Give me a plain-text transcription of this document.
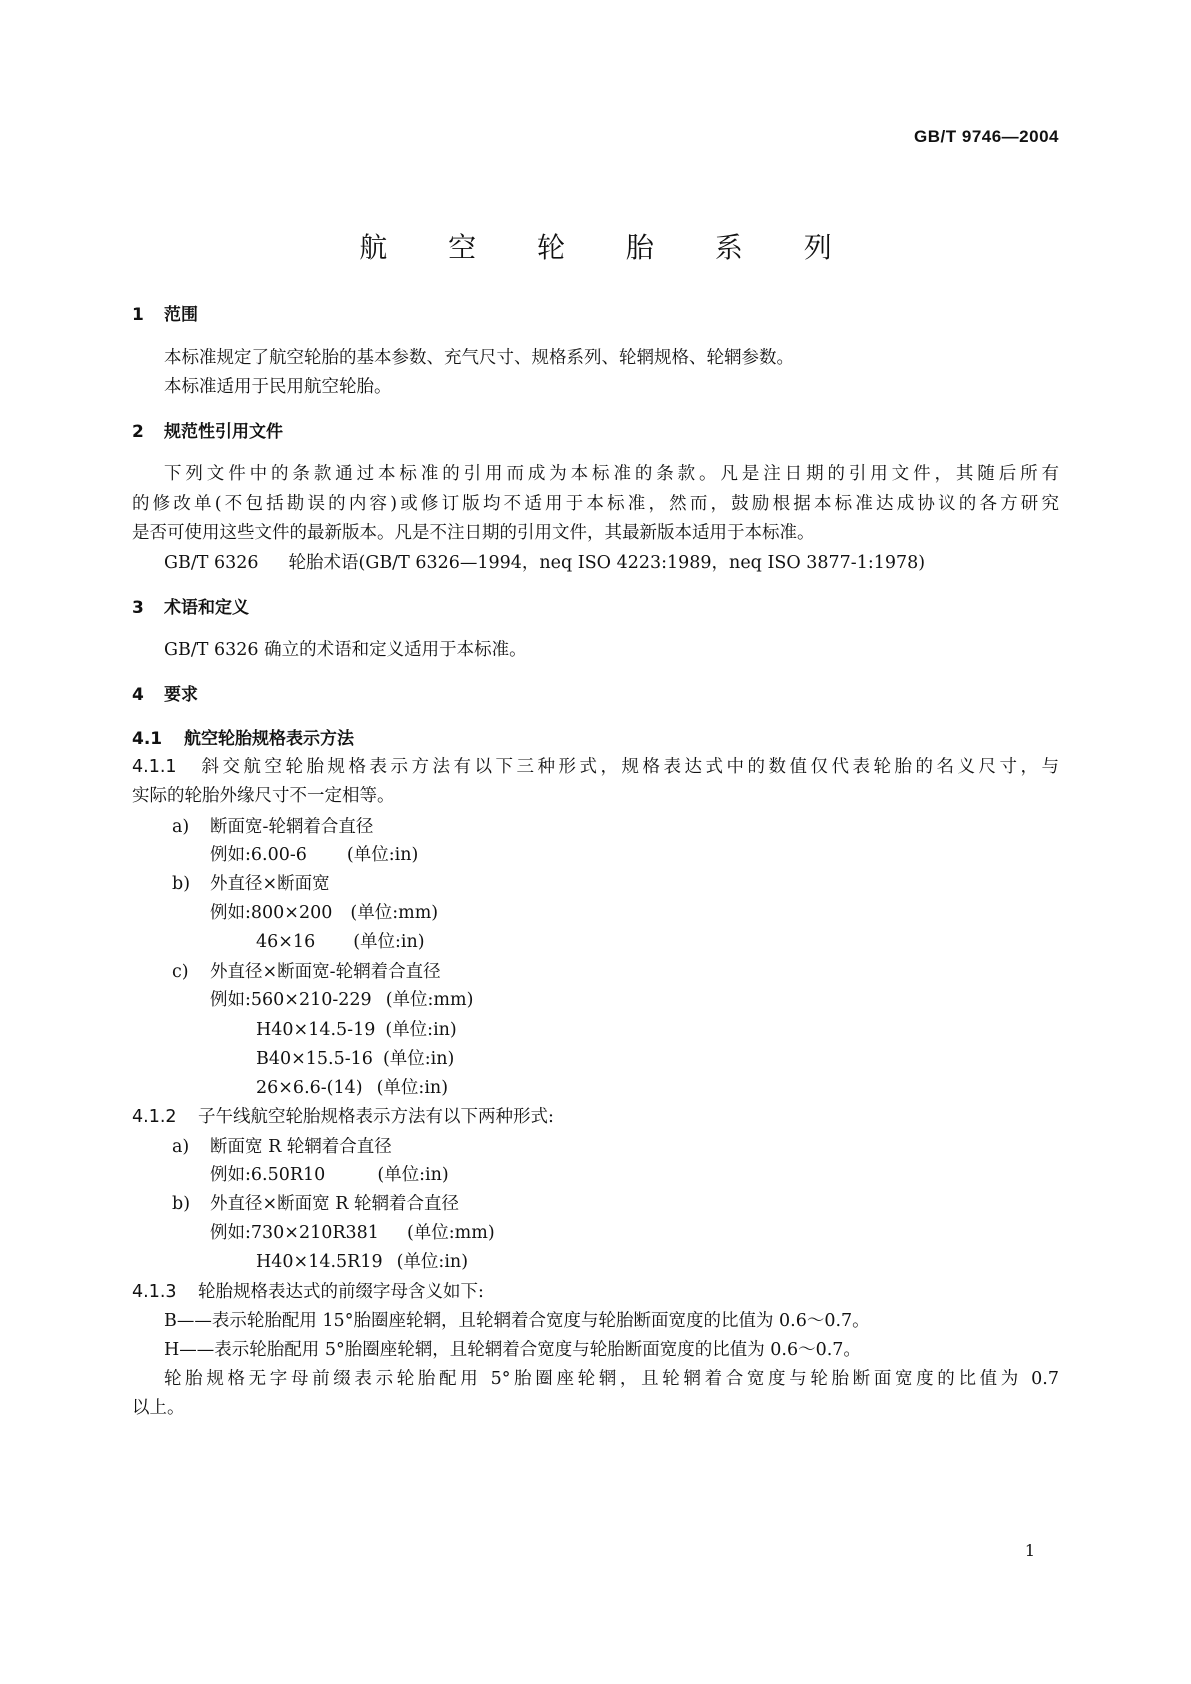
GB/T 9746—2004
航 空 轮 胎 系 列
1 范围
本标准规定了航空轮胎的基本参数、充气尺寸、规格系列、轮辋规格、轮辋参数。
本标准适用于民用航空轮胎。
2 规范性引用文件
下列文件中的条款通过本标准的引用而成为本标准的条款。凡是注日期的引用文件，其随后所有
的修改单(不包括勘误的内容)或修订版均不适用于本标准，然而，鼓励根据本标准达成协议的各方研究
是否可使用这些文件的最新版本。凡是不注日期的引用文件，其最新版本适用于本标准。
GB/T 6326 轮胎术语(GB/T 6326—1994，neq ISO 4223:1989，neq ISO 3877-1:1978)
3 术语和定义
GB/T 6326 确立的术语和定义适用于本标准。
4 要求
4.1 航空轮胎规格表示方法
4.1.1 斜交航空轮胎规格表示方法有以下三种形式，规格表达式中的数值仅代表轮胎的名义尺寸，与
实际的轮胎外缘尺寸不一定相等。
a) 断面宽-轮辋着合直径
例如:6.00-6 (单位:in)
b) 外直径×断面宽
例如:800×200 (单位:mm)
46×16 (单位:in)
c) 外直径×断面宽-轮辋着合直径
例如:560×210-229 (单位:mm)
H40×14.5-19 (单位:in)
B40×15.5-16 (单位:in)
26×6.6-(14) (单位:in)
4.1.2 子午线航空轮胎规格表示方法有以下两种形式:
a) 断面宽 R 轮辋着合直径
例如:6.50R10	(单位:in)
b) 外直径×断面宽 R 轮辋着合直径
例如:730×210R381 (单位:mm)
H40×14.5R19 (单位:in)
4.1.3 轮胎规格表达式的前缀字母含义如下:
B——表示轮胎配用 15°胎圈座轮辋，且轮辋着合宽度与轮胎断面宽度的比值为 0.6～0.7。
H——表示轮胎配用 5°胎圈座轮辋，且轮辋着合宽度与轮胎断面宽度的比值为 0.6～0.7。
轮胎规格无字母前缀表示轮胎配用 5°胎圈座轮辋，且轮辋着合宽度与轮胎断面宽度的比值为 0.7
以上。
1
